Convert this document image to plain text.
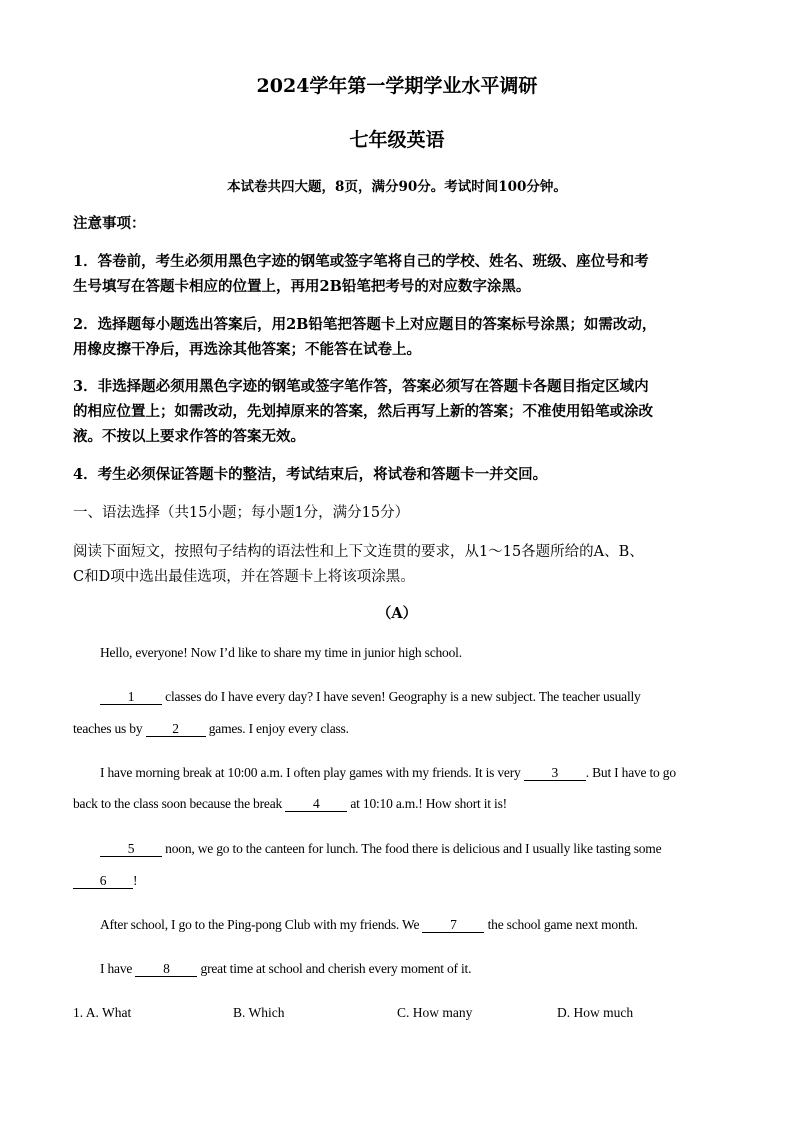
2024学年第一学期学业水平调研
七年级英语
本试卷共四大题，8页，满分90分。考试时间100分钟。
注意事项：
1．答卷前，考生必须用黑色字迹的钢笔或签字笔将自己的学校、姓名、班级、座位号和考
生号填写在答题卡相应的位置上，再用2B铅笔把考号的对应数字涂黑。
2．选择题每小题选出答案后，用2B铅笔把答题卡上对应题目的答案标号涂黑；如需改动，
用橡皮擦干净后，再选涂其他答案；不能答在试卷上。
3．非选择题必须用黑色字迹的钢笔或签字笔作答，答案必须写在答题卡各题目指定区域内
的相应位置上；如需改动，先划掉原来的答案，然后再写上新的答案；不准使用铅笔或涂改
液。不按以上要求作答的答案无效。
4．考生必须保证答题卡的整洁，考试结束后，将试卷和答题卡一并交回。
一、语法选择（共15小题；每小题1分，满分15分）
阅读下面短文，按照句子结构的语法性和上下文连贯的要求，从1～15各题所给的A、B、
C和D项中选出最佳选项，并在答题卡上将该项涂黑。
（A）
Hello, everyone! Now I’d like to share my time in junior high school.
1 classes do I have every day? I have seven! Geography is a new subject. The teacher usually
teaches us by 2 games. I enjoy every class.
I have morning break at 10:00 a.m. I often play games with my friends. It is very 3 . But I have to go
back to the class soon because the break 4 at 10:10 a.m.! How short it is!
5 noon, we go to the canteen for lunch. The food there is delicious and I usually like tasting some
6 !
After school, I go to the Ping-pong Club with my friends. We 7 the school game next month.
I have 8 great time at school and cherish every moment of it.
1. A. What	B. Which	C. How many	D. How much
